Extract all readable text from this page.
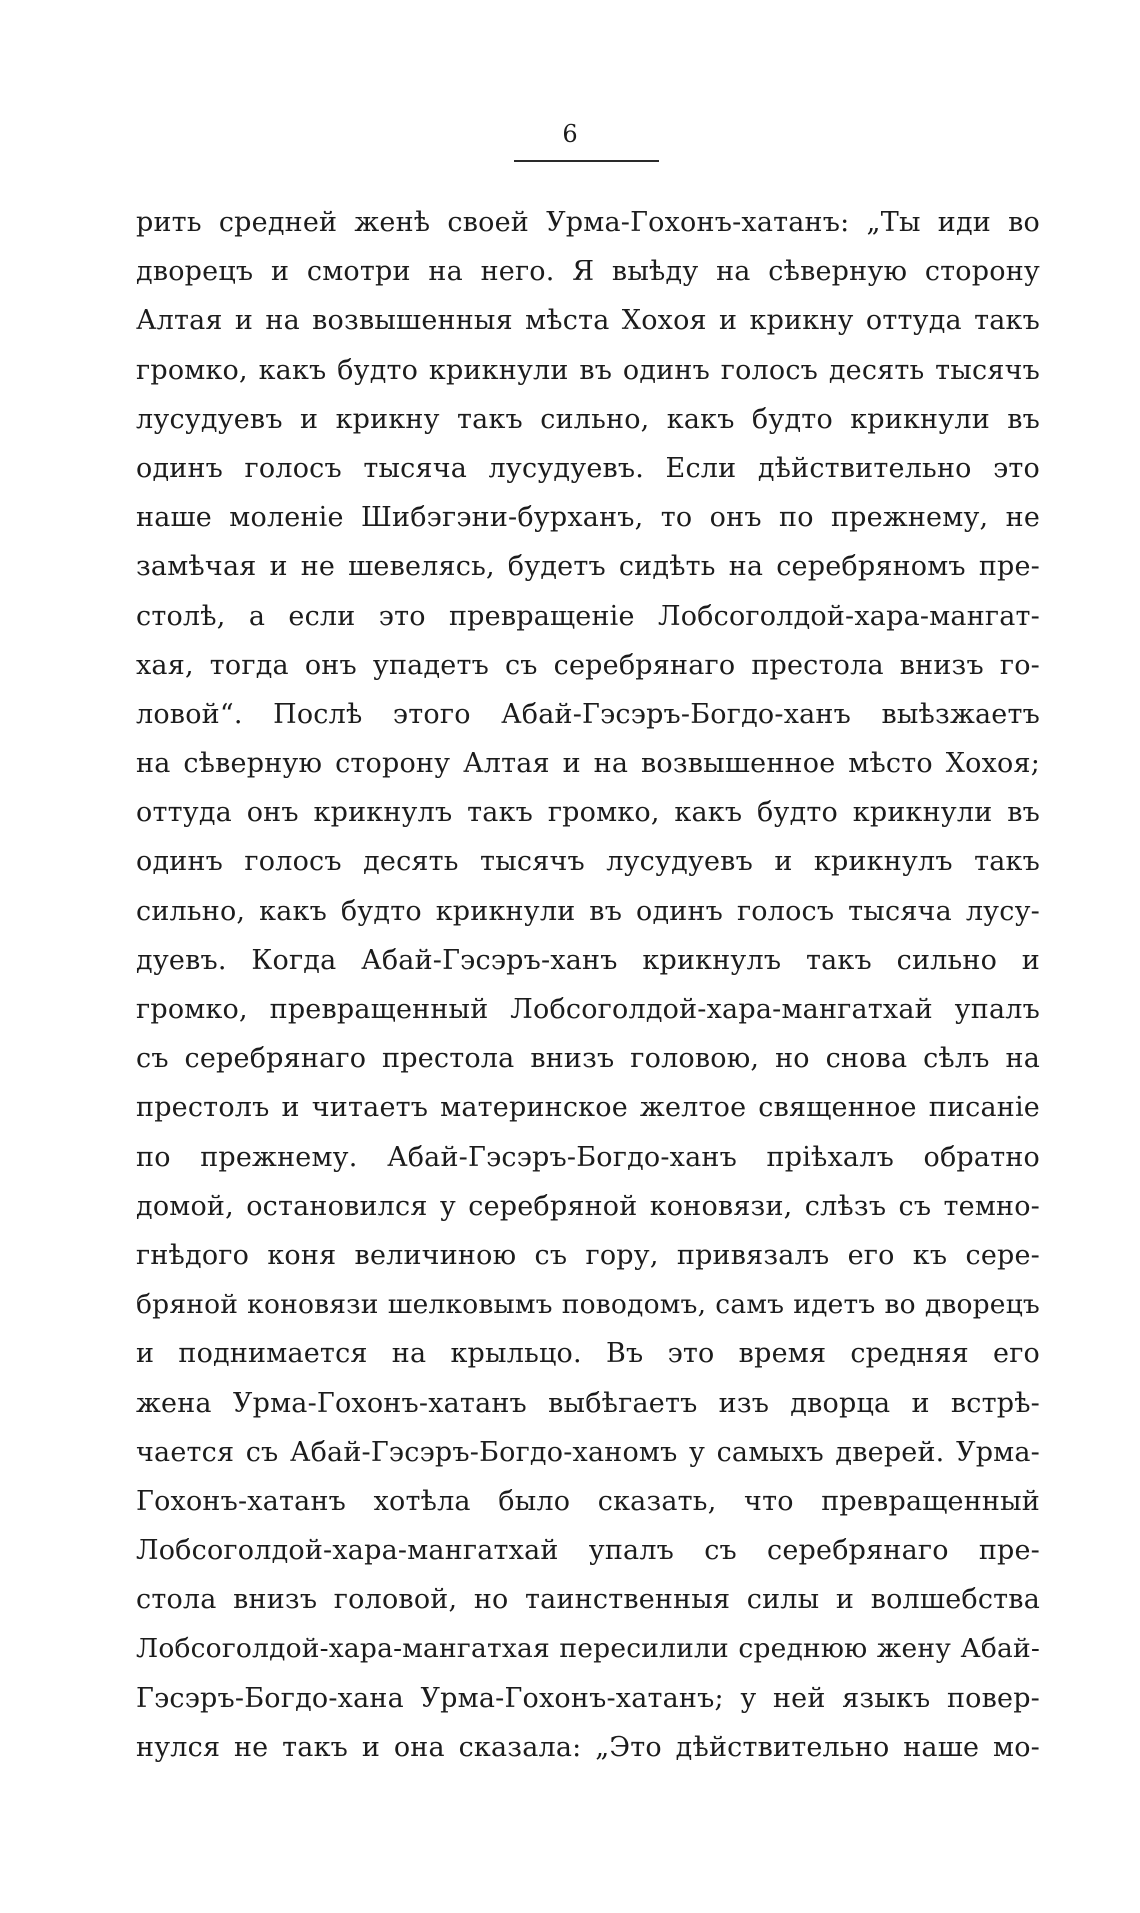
6
рить средней женѣ своей Урма-Гохонъ-хатанъ: „Ты иди во
дворецъ и смотри на него. Я выѣду на сѣверную сторону
Алтая и на возвышенныя мѣста Хохоя и крикну оттуда такъ
громко, какъ будто крикнули въ одинъ голосъ десять тысячъ
лусудуевъ и крикну такъ сильно, какъ будто крикнули въ
одинъ голосъ тысяча лусудуевъ. Если дѣйствительно это
наше моленіе Шибэгэни-бурханъ, то онъ по прежнему, не
замѣчая и не шевелясь, будетъ сидѣть на серебряномъ пре-
столѣ, а если это превращеніе Лобсоголдой-хара-мангат-
хая, тогда онъ упадетъ съ серебрянаго престола внизъ го-
ловой“. Послѣ этого Абай-Гэсэръ-Богдо-ханъ выѣзжаетъ
на сѣверную сторону Алтая и на возвышенное мѣсто Хохоя;
оттуда онъ крикнулъ такъ громко, какъ будто крикнули въ
одинъ голосъ десять тысячъ лусудуевъ и крикнулъ такъ
сильно, какъ будто крикнули въ одинъ голосъ тысяча лусу-
дуевъ. Когда Абай-Гэсэръ-ханъ крикнулъ такъ сильно и
громко, превращенный Лобсоголдой-хара-мангатхай упалъ
съ серебрянаго престола внизъ головою, но снова сѣлъ на
престолъ и читаетъ материнское желтое священное писаніе
по прежнему. Абай-Гэсэръ-Богдо-ханъ пріѣхалъ обратно
домой, остановился у серебряной коновязи, слѣзъ съ темно-
гнѣдого коня величиною съ гору, привязалъ его къ сере-
бряной коновязи шелковымъ поводомъ, самъ идетъ во дворецъ
и поднимается на крыльцо. Въ это время средняя его
жена Урма-Гохонъ-хатанъ выбѣгаетъ изъ дворца и встрѣ-
чается съ Абай-Гэсэръ-Богдо-ханомъ у самыхъ дверей. Урма-
Гохонъ-хатанъ хотѣла было сказать, что превращенный
Лобсоголдой-хара-мангатхай упалъ съ серебрянаго пре-
стола внизъ головой, но таинственныя силы и волшебства
Лобсоголдой-хара-мангатхая пересилили среднюю жену Абай-
Гэсэръ-Богдо-хана Урма-Гохонъ-хатанъ; у ней языкъ повер-
нулся не такъ и она сказала: „Это дѣйствительно наше мо-
